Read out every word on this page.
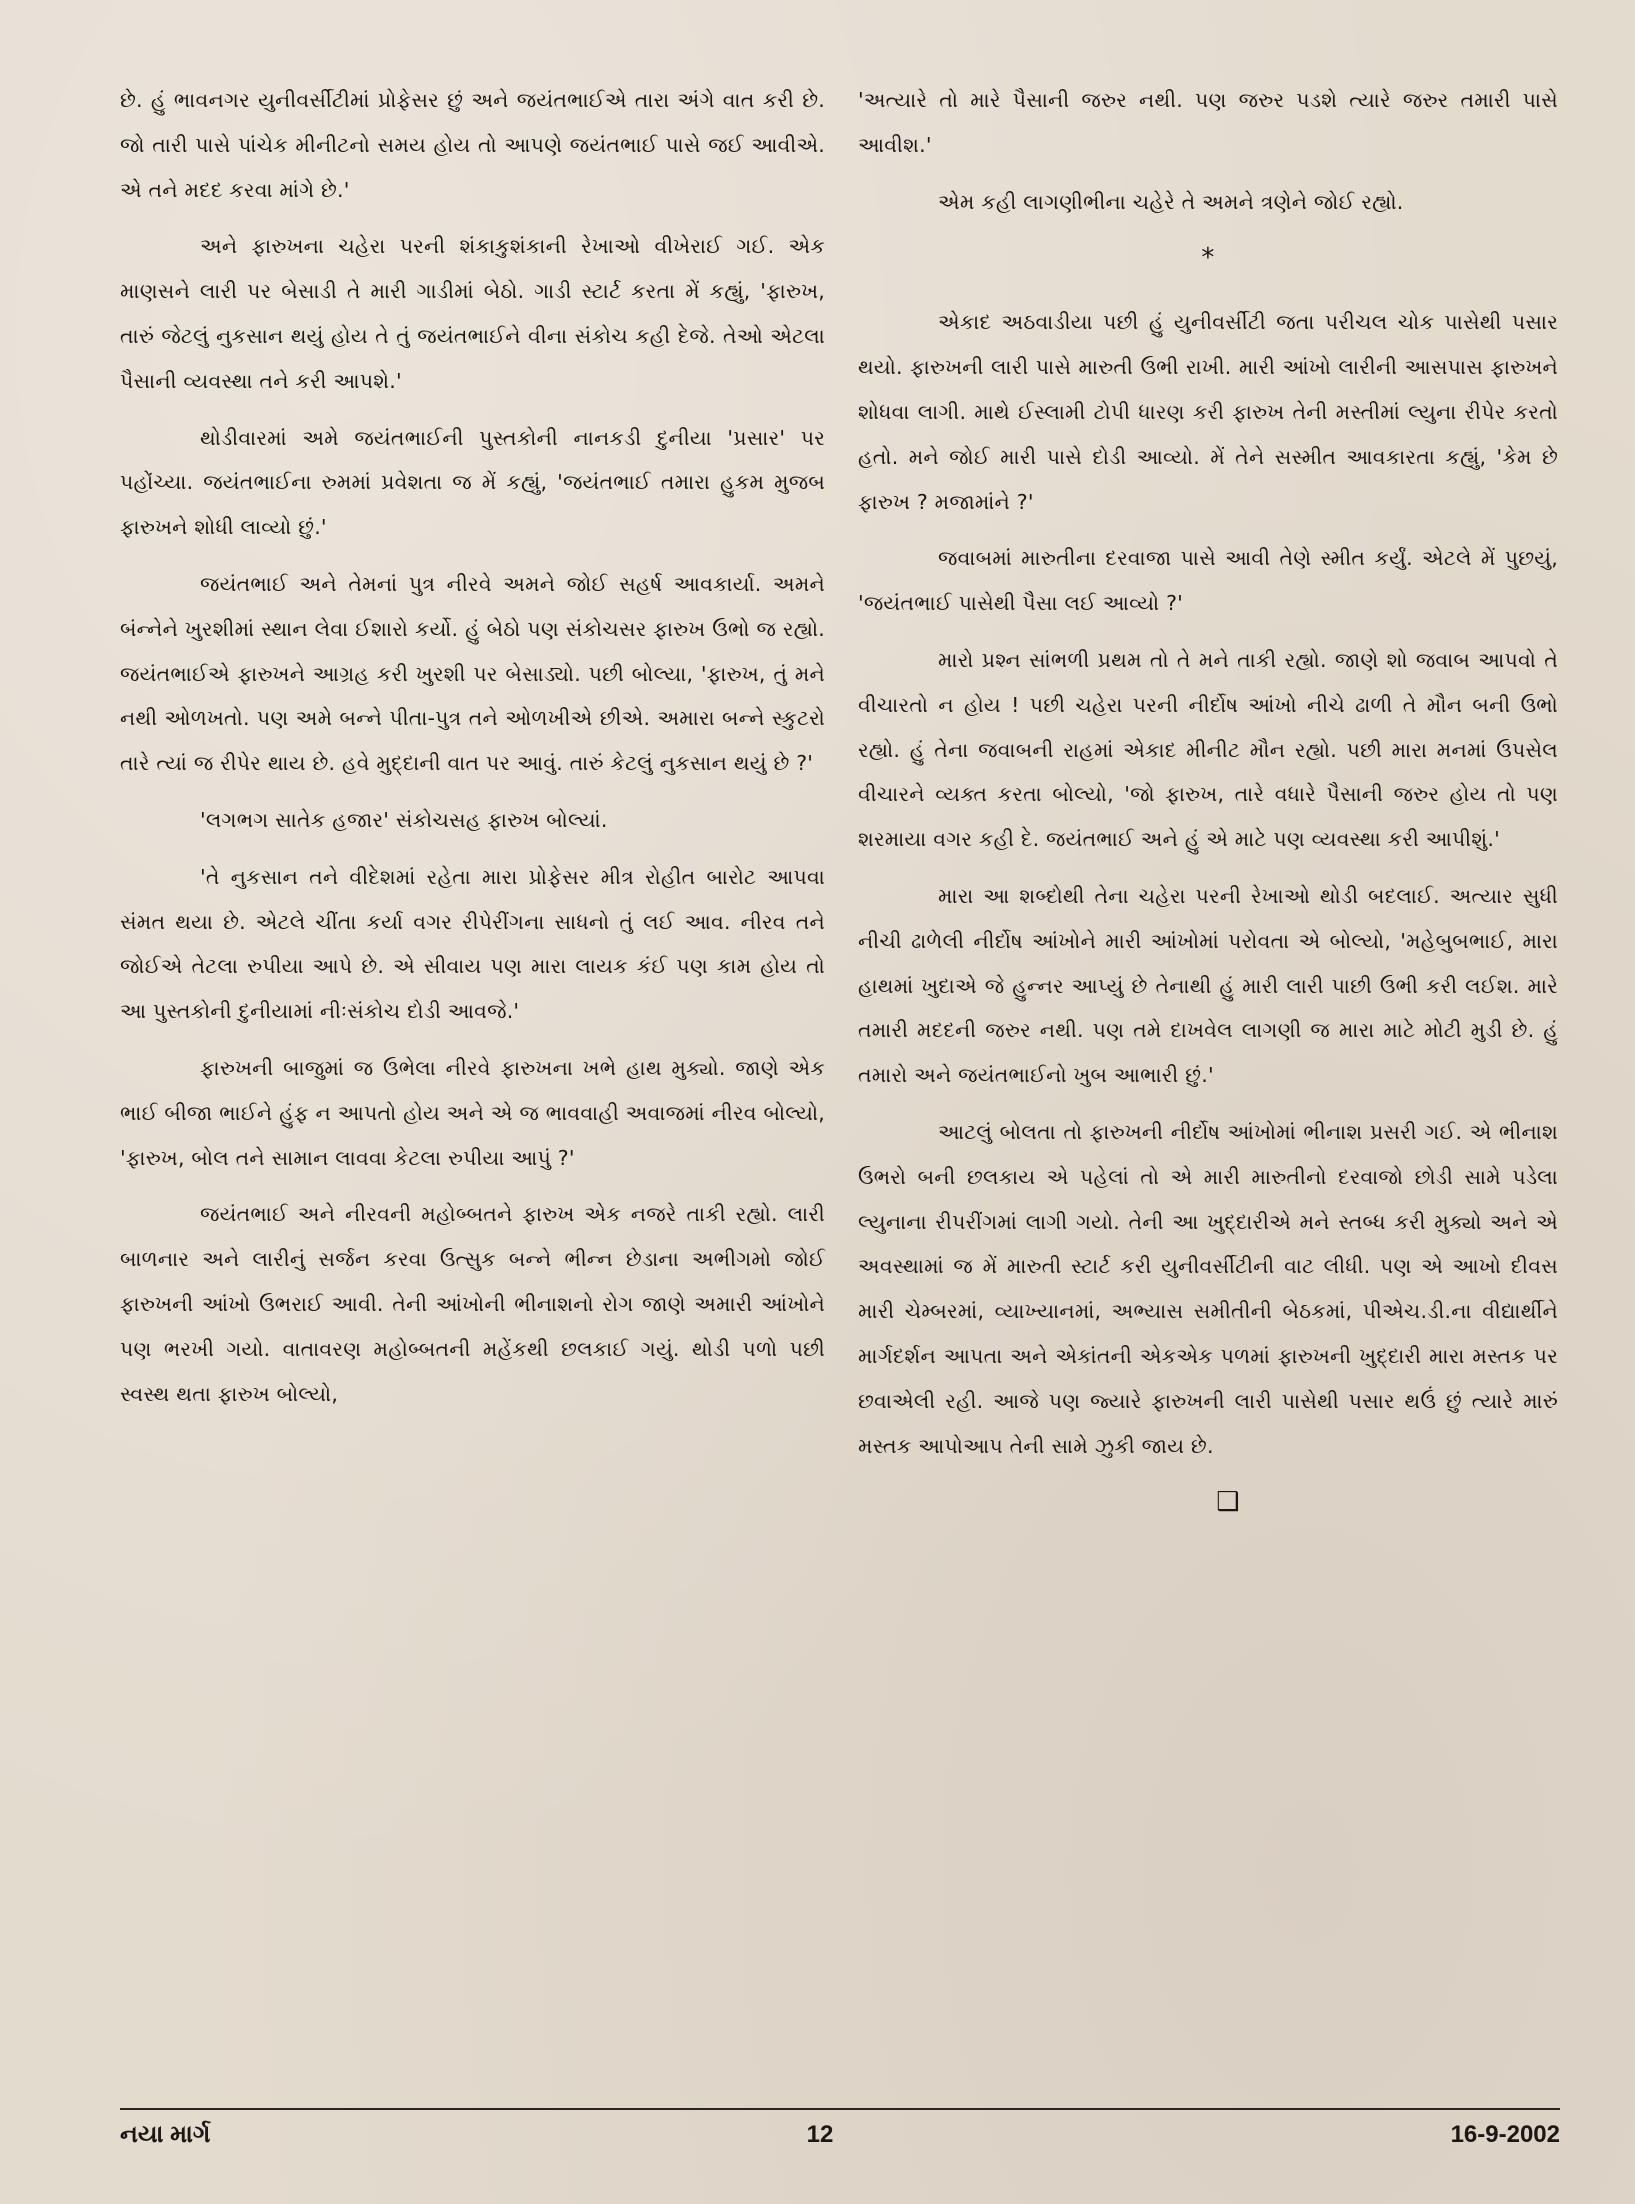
છે. હું ભાવનગર યુનીવર્સીટીમાં પ્રોફેસર છું અને જયંતભાઈએ તારા અંગે વાત કરી છે. જો તારી પાસે પાંચેક મીનીટનો સમય હોય તો આપણે જયંતભાઈ પાસે જઈ આવીએ. એ તને મદદ કરવા માંગે છે.'

અને ફારુખના ચહેરા પરની શંકાકુશંકાની રેખાઓ વીખેરાઈ ગઈ. એક માણસને લારી પર બેસાડી તે મારી ગાડીમાં બેઠો. ગાડી સ્ટાર્ટ કરતા મેં કહ્યું, 'ફારુખ, તારું જેટલું નુકસાન થયું હોય તે તું જયંતભાઈને વીના સંકોચ કહી દેજે. તેઓ એટલા પૈસાની વ્યવસ્થા તને કરી આપશે.'

થોડીવારમાં અમે જયંતભાઈની પુસ્તકોની નાનકડી દુનીયા 'પ્રસાર' પર પહોંચ્યા. જયંતભાઈના રુમમાં પ્રવેશતા જ મેં કહ્યું, 'જયંતભાઈ તમારા હુકમ મુજબ ફારુખને શોધી લાવ્યો છું.'

જયંતભાઈ અને તેમનાં પુત્ર નીરવે અમને જોઈ સહર્ષ આવકાર્યા. અમને બંન્નેને ખુરશીમાં સ્થાન લેવા ઈશારો કર્યો. હું બેઠો પણ સંકોચસર ફારુખ ઉભો જ રહ્યો. જયંતભાઈએ ફારુખને આગ્રહ કરી ખુરશી પર બેસાડ્યો. પછી બોલ્યા, 'ફારુખ, તું મને નથી ઓળખતો. પણ અમે બન્ને પીતા-પુત્ર તને ઓળખીએ છીએ. અમારા બન્ને સ્કુટરો તારે ત્યાં જ રીપેર થાય છે. હવે મુદ્દાની વાત પર આવું. તારું કેટલું નુકસાન થયું છે ?'

'લગભગ સાતેક હજાર' સંકોચસહ ફારુખ બોલ્યાં.

'તે નુકસાન તને વીદેશમાં રહેતા મારા પ્રોફેસર મીત્ર રોહીત બારોટ આપવા સંમત થયા છે. એટલે ચીંતા કર્યા વગર રીપેરીંગના સાધનો તું લઈ આવ. નીરવ તને જોઈએ તેટલા રુપીયા આપે છે. એ સીવાય પણ મારા લાયક કંઈ પણ કામ હોય તો આ પુસ્તકોની દુનીયામાં નીઃસંકોચ દોડી આવજે.'

ફારુખની બાજુમાં જ ઉભેલા નીરવે ફારુખના ખભે હાથ મુક્યો. જાણે એક ભાઈ બીજા ભાઈને હુંફ ન આપતો હોય અને એ જ ભાવવાહી અવાજમાં નીરવ બોલ્યો, 'ફારુખ, બોલ તને સામાન લાવવા કેટલા રુપીયા આપું ?'

જયંતભાઈ અને નીરવની મહોબ્બતને ફારુખ એક નજરે તાકી રહ્યો. લારી બાળનાર અને લારીનું સર્જન કરવા ઉત્સુક બન્ને ભીન્ન છેડાના અભીગમો જોઈ ફારુખની આંખો ઉભરાઈ આવી. તેની આંખોની ભીનાશનો રોગ જાણે અમારી આંખોને પણ ભરખી ગયો. વાતાવરણ મહોબ્બતની મહેંકથી છલકાઈ ગયું. થોડી પળો પછી સ્વસ્થ થતા ફારુખ બોલ્યો,

'અત્યારે તો મારે પૈસાની જરુર નથી. પણ જરુર પડશે ત્યારે જરુર તમારી પાસે આવીશ.'

એમ કહી લાગણીભીના ચહેરે તે અમને ત્રણેને જોઈ રહ્યો.

*

એકાદ અઠવાડીયા પછી હું યુનીવર્સીટી જતા પરીચલ ચોક પાસેથી પસાર થયો. ફારુખની લારી પાસે મારુતી ઉભી રાખી. મારી આંખો લારીની આસપાસ ફારુખને શોધવા લાગી. માથે ઈસ્લામી ટોપી ધારણ કરી ફારુખ તેની મસ્તીમાં લ્યુના રીપેર કરતો હતો. મને જોઈ મારી પાસે દોડી આવ્યો. મેં તેને સસ્મીત આવકારતા કહ્યું, 'કેમ છે ફારુખ ? મજામાંને ?'

જવાબમાં મારુતીના દરવાજા પાસે આવી તેણે સ્મીત કર્યું. એટલે મેં પુછયું, 'જયંતભાઈ પાસેથી પૈસા લઈ આવ્યો ?'

મારો પ્રશ્ન સાંભળી પ્રથમ તો તે મને તાકી રહ્યો. જાણે શો જવાબ આપવો તે વીચારતો ન હોય ! પછી ચહેરા પરની નીર્દોષ આંખો નીચે ઢાળી તે મૌન બની ઉભો રહ્યો. હું તેના જવાબની રાહમાં એકાદ મીનીટ મૌન રહ્યો. પછી મારા મનમાં ઉપસેલ વીચારને વ્યક્ત કરતા બોલ્યો, 'જો ફારુખ, તારે વધારે પૈસાની જરુર હોય તો પણ શરમાયા વગર કહી દે. જયંતભાઈ અને હું એ માટે પણ વ્યવસ્થા કરી આપીશું.'

મારા આ શબ્દોથી તેના ચહેરા પરની રેખાઓ થોડી બદલાઈ. અત્યાર સુધી નીચી ઢાળેલી નીર્દોષ આંખોને મારી આંખોમાં પરોવતા એ બોલ્યો, 'મહેબુબભાઈ, મારા હાથમાં ખુદાએ જે હુન્નર આપ્યું છે તેનાથી હું મારી લારી પાછી ઉભી કરી લઈશ. મારે તમારી મદદની જરુર નથી. પણ તમે દાખવેલ લાગણી જ મારા માટે મોટી મુડી છે. હું તમારો અને જયંતભાઈનો ખુબ આભારી છું.'

આટલું બોલતા તો ફારુખની નીર્દોષ આંખોમાં ભીનાશ પ્રસરી ગઈ. એ ભીનાશ ઉભરો બની છલકાય એ પહેલાં તો એ મારી મારુતીનો દરવાજો છોડી સામે પડેલા લ્યુનાના રીપરીંગમાં લાગી ગયો. તેની આ ખુદ્દારીએ મને સ્તબ્ધ કરી મુક્યો અને એ અવસ્થામાં જ મેં મારુતી સ્ટાર્ટ કરી યુનીવર્સીટીની વાટ લીધી. પણ એ આખો દીવસ મારી ચેમ્બરમાં, વ્યાખ્યાનમાં, અભ્યાસ સમીતીની બેઠકમાં, પીએચ.ડી.ના વીદ્યાર્થીને માર્ગદર્શન આપતા અને એકાંતની એકએક પળમાં ફારુખની ખુદ્દારી મારા મસ્તક પર છવાએલી રહી. આજે પણ જ્યારે ફારુખની લારી પાસેથી પસાર થઉં છું ત્યારે મારું મસ્તક આપોઆપ તેની સામે ઝુકી જાય છે.

❑
નયા માર્ગ	12	16-9-2002
